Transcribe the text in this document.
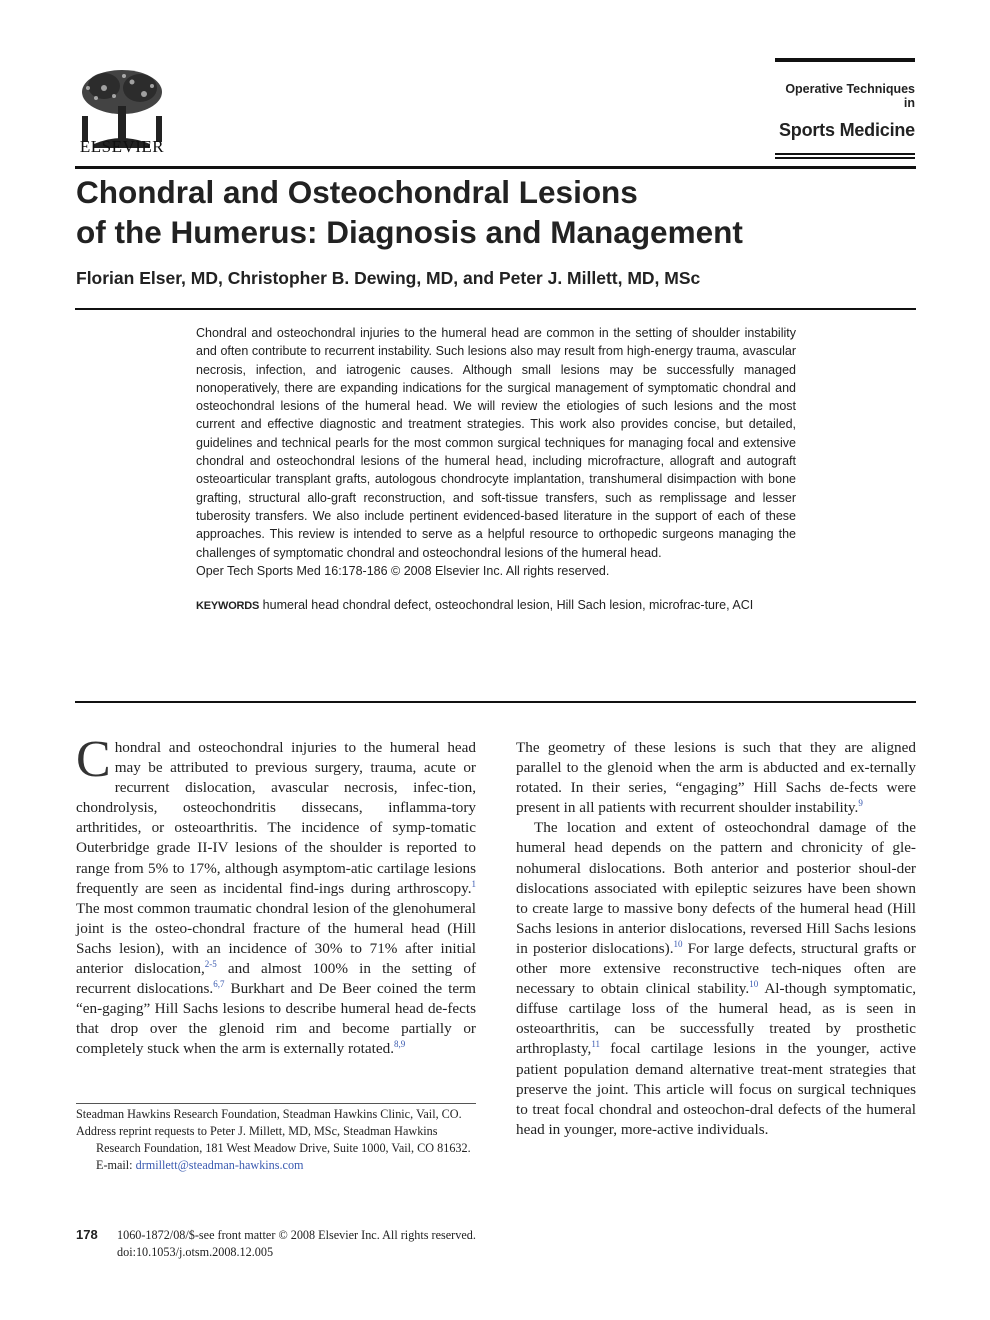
ELSEVIER
Operative Techniques in
Sports Medicine
Chondral and Osteochondral Lesions
of the Humerus: Diagnosis and Management
Florian Elser, MD, Christopher B. Dewing, MD, and Peter J. Millett, MD, MSc

Chondral and osteochondral injuries to the humeral head are common in the setting of shoulder instability and often contribute to recurrent instability. Such lesions also may result from high-energy trauma, avascular necrosis, infection, and iatrogenic causes. Although small lesions may be successfully managed nonoperatively, there are expanding indications for the surgical management of symptomatic chondral and osteochondral lesions of the humeral head. We will review the etiologies of such lesions and the most current and effective diagnostic and treatment strategies. This work also provides concise, but detailed, guidelines and technical pearls for the most common surgical techniques for managing focal and extensive chondral and osteochondral lesions of the humeral head, including microfracture, allograft and autograft osteoarticular transplant grafts, autologous chondrocyte implantation, transhumeral disimpaction with bone grafting, structural allo-graft reconstruction, and soft-tissue transfers, such as remplissage and lesser tuberosity transfers. We also include pertinent evidenced-based literature in the support of each of these approaches. This review is intended to serve as a helpful resource to orthopedic surgeons managing the challenges of symptomatic chondral and osteochondral lesions of the humeral head.

Oper Tech Sports Med 16:178-186 © 2008 Elsevier Inc. All rights reserved.

KEYWORDS humeral head chondral defect, osteochondral lesion, Hill Sach lesion, microfrac-ture, ACI

Chondral and osteochondral injuries to the humeral head may be attributed to previous surgery, trauma, acute or recurrent dislocation, avascular necrosis, infec-tion, chondrolysis, osteochondritis dissecans, inflamma-tory arthritides, or osteoarthritis. The incidence of symp-tomatic Outerbridge grade II-IV lesions of the shoulder is reported to range from 5% to 17%, although asymptom-atic cartilage lesions frequently are seen as incidental find-ings during arthroscopy.$^1$ The most common traumatic chondral lesion of the glenohumeral joint is the osteo-chondral fracture of the humeral head (Hill Sachs lesion), with an incidence of 30% to 71% after initial anterior dislocation,$^{2-5}$ and almost 100% in the setting of recurrent dislocations.$^{6,7}$ Burkhart and De Beer coined the term “en-gaging” Hill Sachs lesions to describe humeral head de-fects that drop over the glenoid rim and become partially or completely stuck when the arm is externally rotated.$^{8,9}$

The geometry of these lesions is such that they are aligned parallel to the glenoid when the arm is abducted and ex-ternally rotated. In their series, “engaging” Hill Sachs de-fects were present in all patients with recurrent shoulder instability.$^9$

The location and extent of osteochondral damage of the humeral head depends on the pattern and chronicity of gle-nohumeral dislocations. Both anterior and posterior shoul-der dislocations associated with epileptic seizures have been shown to create large to massive bony defects of the humeral head (Hill Sachs lesions in anterior dislocations, reversed Hill Sachs lesions in posterior dislocations).$^{10}$ For large defects, structural grafts or other more extensive reconstructive tech-niques often are necessary to obtain clinical stability.$^{10}$ Al-though symptomatic, diffuse cartilage loss of the humeral head, as is seen in osteoarthritis, can be successfully treated by prosthetic arthroplasty,$^{11}$ focal cartilage lesions in the younger, active patient population demand alternative treat-ment strategies that preserve the joint. This article will focus on surgical techniques to treat focal chondral and osteochon-dral defects of the humeral head in younger, more-active individuals.

Steadman Hawkins Research Foundation, Steadman Hawkins Clinic, Vail, CO.

Address reprint requests to Peter J. Millett, MD, MSc, Steadman Hawkins Research Foundation, 181 West Meadow Drive, Suite 1000, Vail, CO 81632. E-mail: drmillett@steadman-hawkins.com

178 1060-1872/08/$-see front matter © 2008 Elsevier Inc. All rights reserved.
doi:10.1053/j.otsm.2008.12.005
